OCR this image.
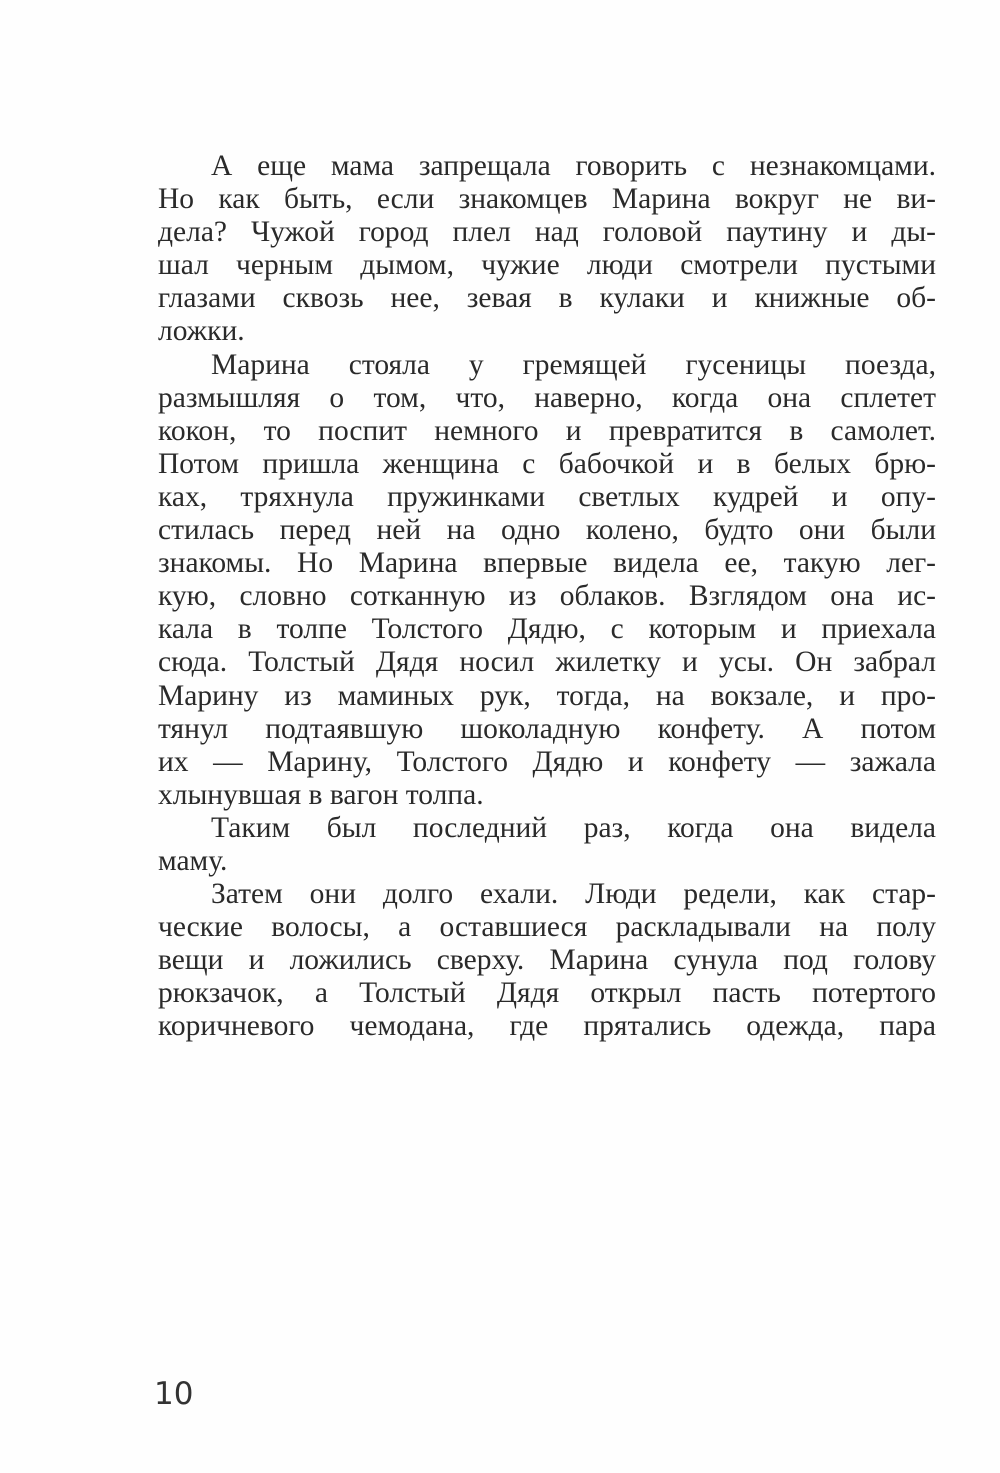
А еще мама запрещала говорить с незнакомцами.
Но как быть, если знакомцев Марина вокруг не ви-
дела? Чужой город плел над головой паутину и ды-
шал черным дымом, чужие люди смотрели пустыми
глазами сквозь нее, зевая в кулаки и книжные об-
ложки.
Марина стояла у гремящей гусеницы поезда,
размышляя о том, что, наверно, когда она сплетет
кокон, то поспит немного и превратится в самолет.
Потом пришла женщина с бабочкой и в белых брю-
ках, тряхнула пружинками светлых кудрей и опу-
стилась перед ней на одно колено, будто они были
знакомы. Но Марина впервые видела ее, такую лег-
кую, словно сотканную из облаков. Взглядом она ис-
кала в толпе Толстого Дядю, с которым и приехала
сюда. Толстый Дядя носил жилетку и усы. Он забрал
Марину из маминых рук, тогда, на вокзале, и про-
тянул подтаявшую шоколадную конфету. А потом
их — Марину, Толстого Дядю и конфету — зажала
хлынувшая в вагон толпа.
Таким был последний раз, когда она видела
маму.
Затем они долго ехали. Люди редели, как стар-
ческие волосы, а оставшиеся раскладывали на полу
вещи и ложились сверху. Марина сунула под голову
рюкзачок, а Толстый Дядя открыл пасть потертого
коричневого чемодана, где прятались одежда, пара
10
